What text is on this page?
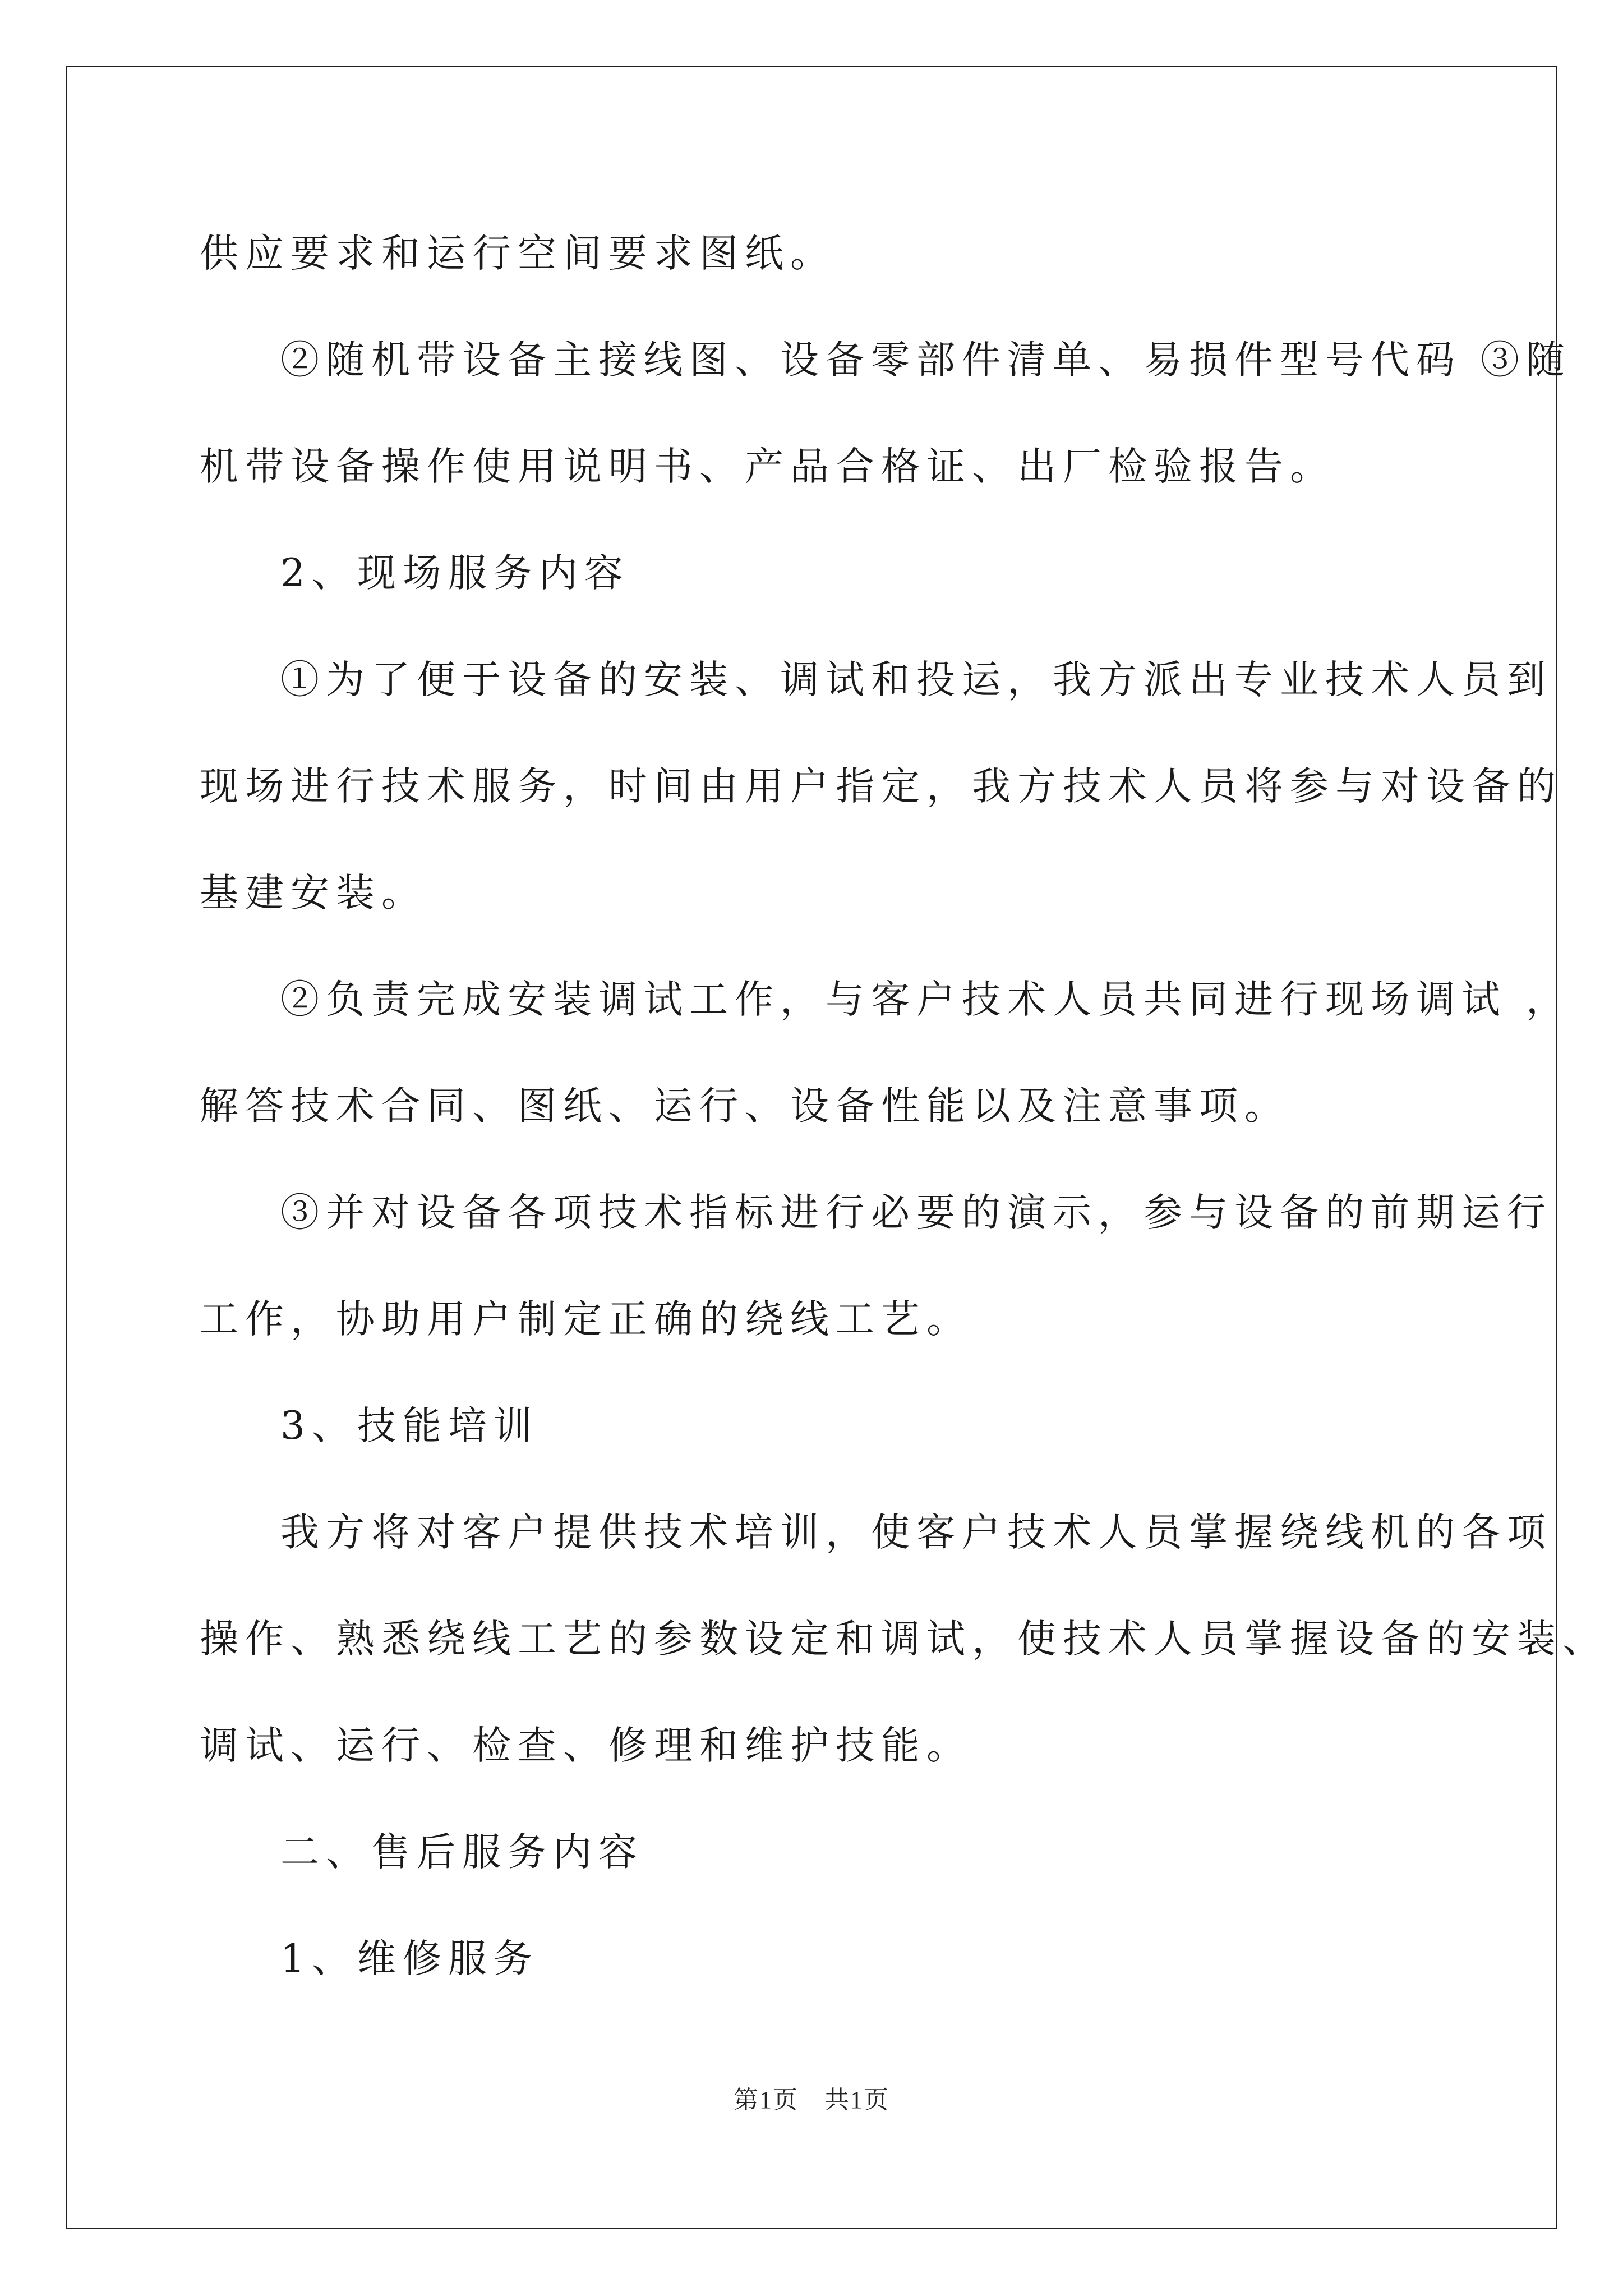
供应要求和运行空间要求图纸。
②随机带设备主接线图、设备零部件清单、易损件型号代码 ③随
机带设备操作使用说明书、产品合格证、出厂检验报告。
2、现场服务内容
①为了便于设备的安装、调试和投运，我方派出专业技术人员到
现场进行技术服务，时间由用户指定，我方技术人员将参与对设备的
基建安装。
②负责完成安装调试工作，与客户技术人员共同进行现场调试 ，
解答技术合同、图纸、运行、设备性能以及注意事项。
③并对设备各项技术指标进行必要的演示，参与设备的前期运行
工作，协助用户制定正确的绕线工艺。
3、技能培训
我方将对客户提供技术培训，使客户技术人员掌握绕线机的各项
操作、熟悉绕线工艺的参数设定和调试，使技术人员掌握设备的安装、
调试、运行、检查、修理和维护技能。
二、售后服务内容
1、维修服务
第1页　共1页
